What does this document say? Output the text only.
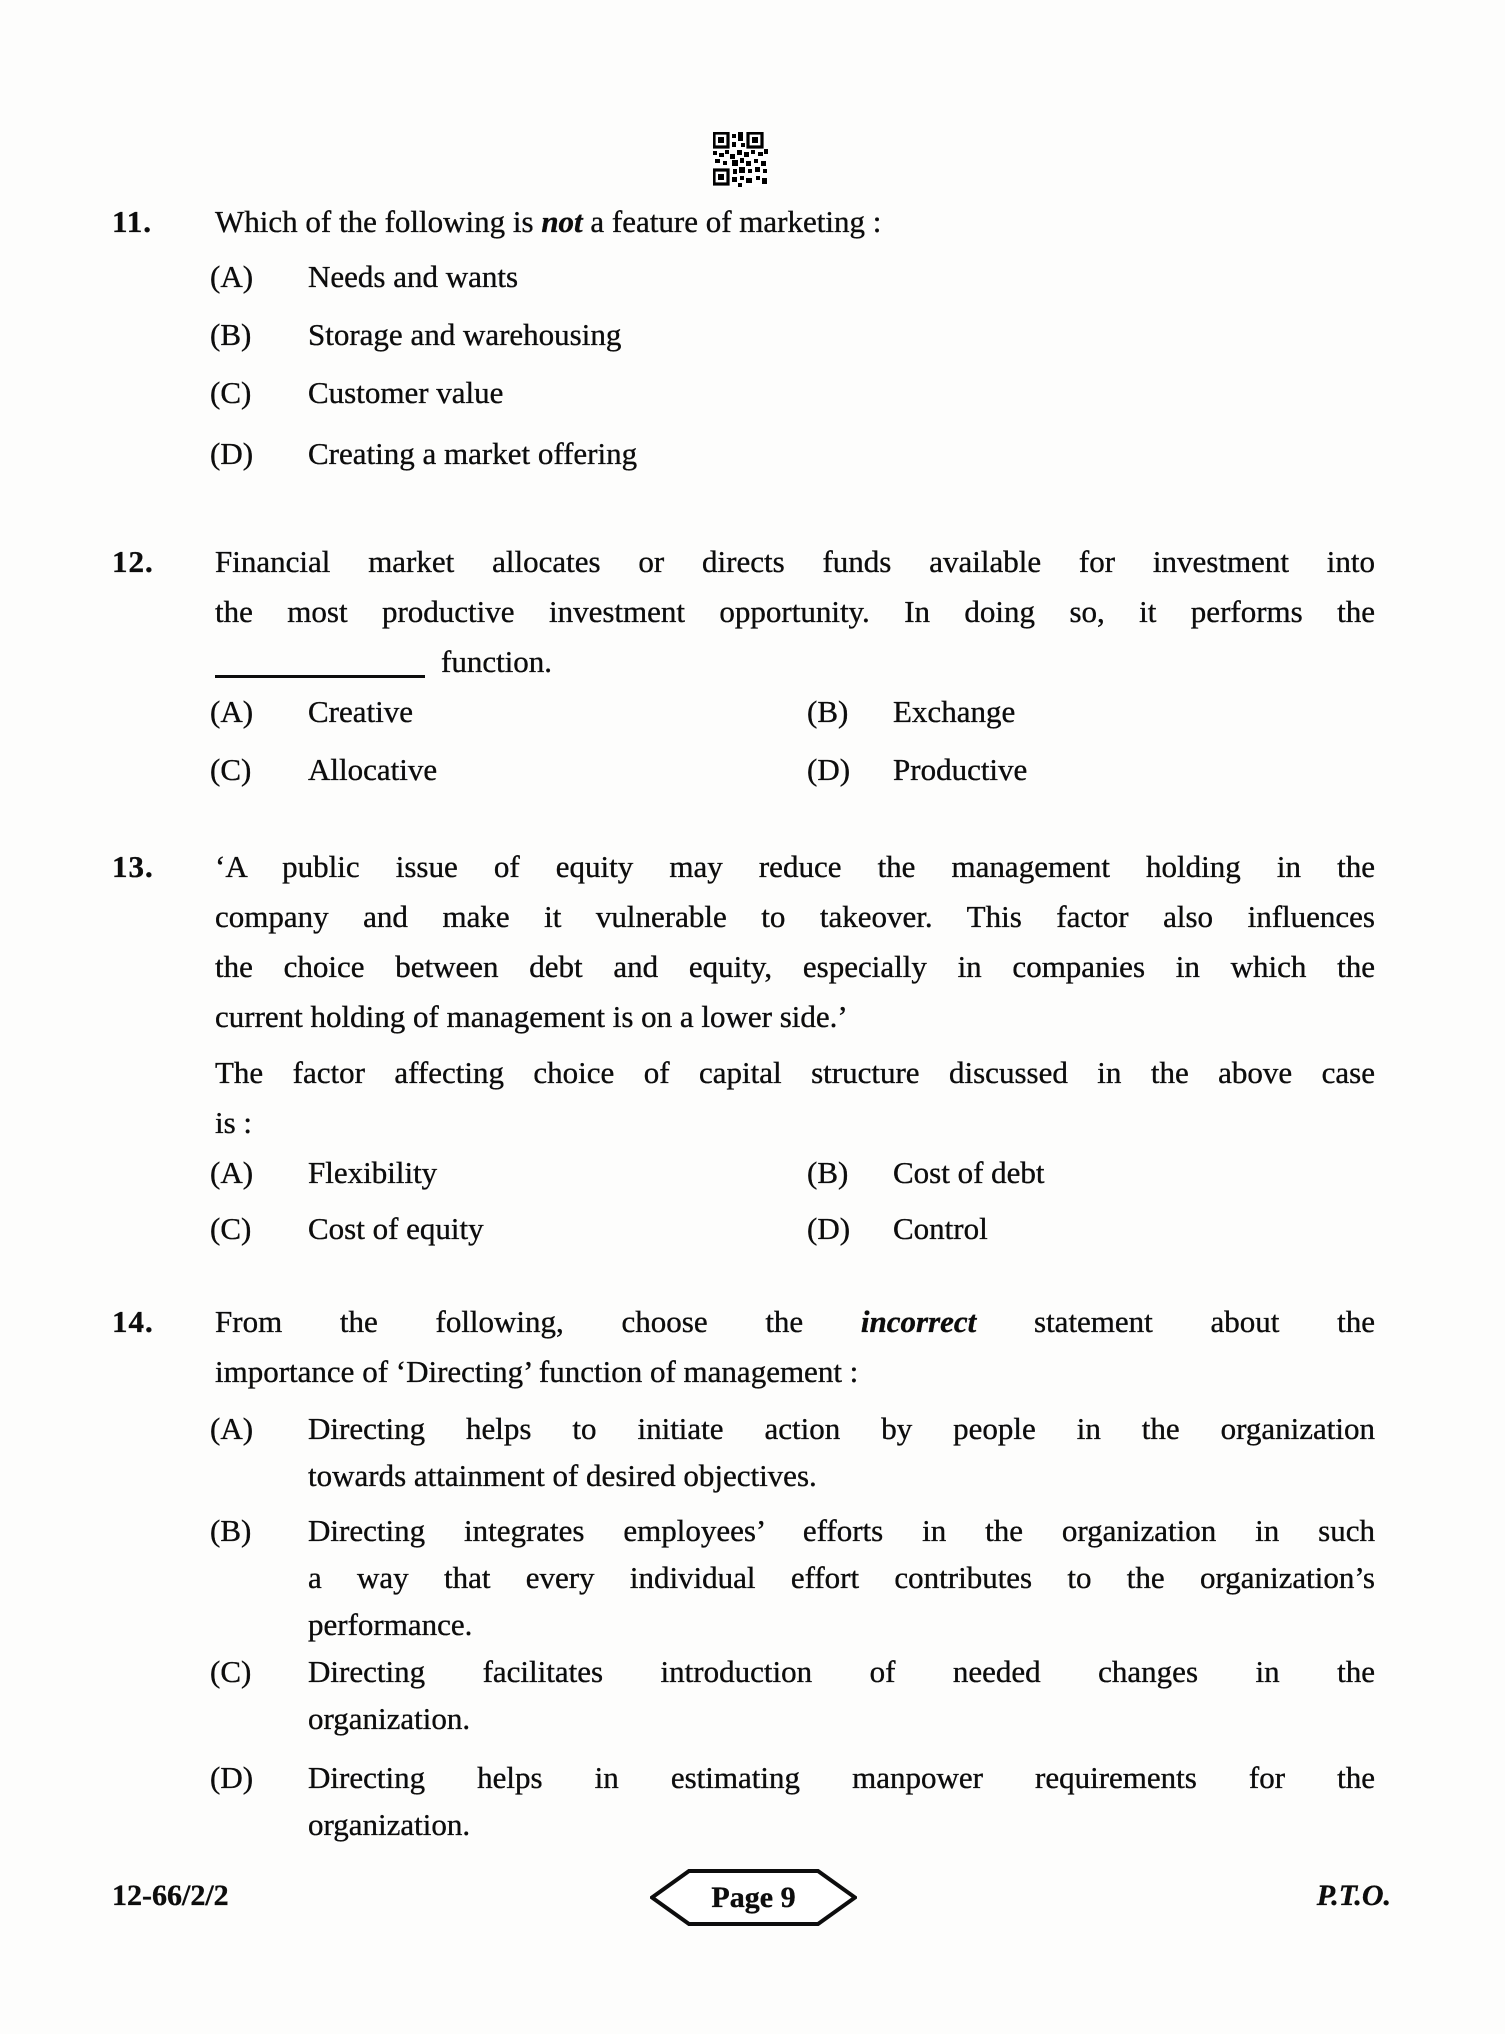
11. Which of the following is not a feature of marketing :
(A) Needs and wants
(B) Storage and warehousing
(C) Customer value
(D) Creating a market offering
12. Financial market allocates or directs funds available for investment into
the most productive investment opportunity. In doing so, it performs the
function.
(A) Creative	(B) Exchange
(C) Allocative	(D) Productive
13. ‘A public issue of equity may reduce the management holding in the
company and make it vulnerable to takeover. This factor also influences
the choice between debt and equity, especially in companies in which the
current holding of management is on a lower side.’
The factor affecting choice of capital structure discussed in the above case
is :
(A) Flexibility	(B) Cost of debt
(C) Cost of equity	(D) Control
14. From the following, choose the incorrect statement about the
importance of ‘Directing’ function of management :
(A) Directing helps to initiate action by people in the organization
towards attainment of desired objectives.
(B) Directing integrates employees’ efforts in the organization in such
a way that every individual effort contributes to the organization’s
performance.
(C) Directing facilitates introduction of needed changes in the
organization.
(D) Directing helps in estimating manpower requirements for the
organization.
12-66/2/2	Page 9	P.T.O.
